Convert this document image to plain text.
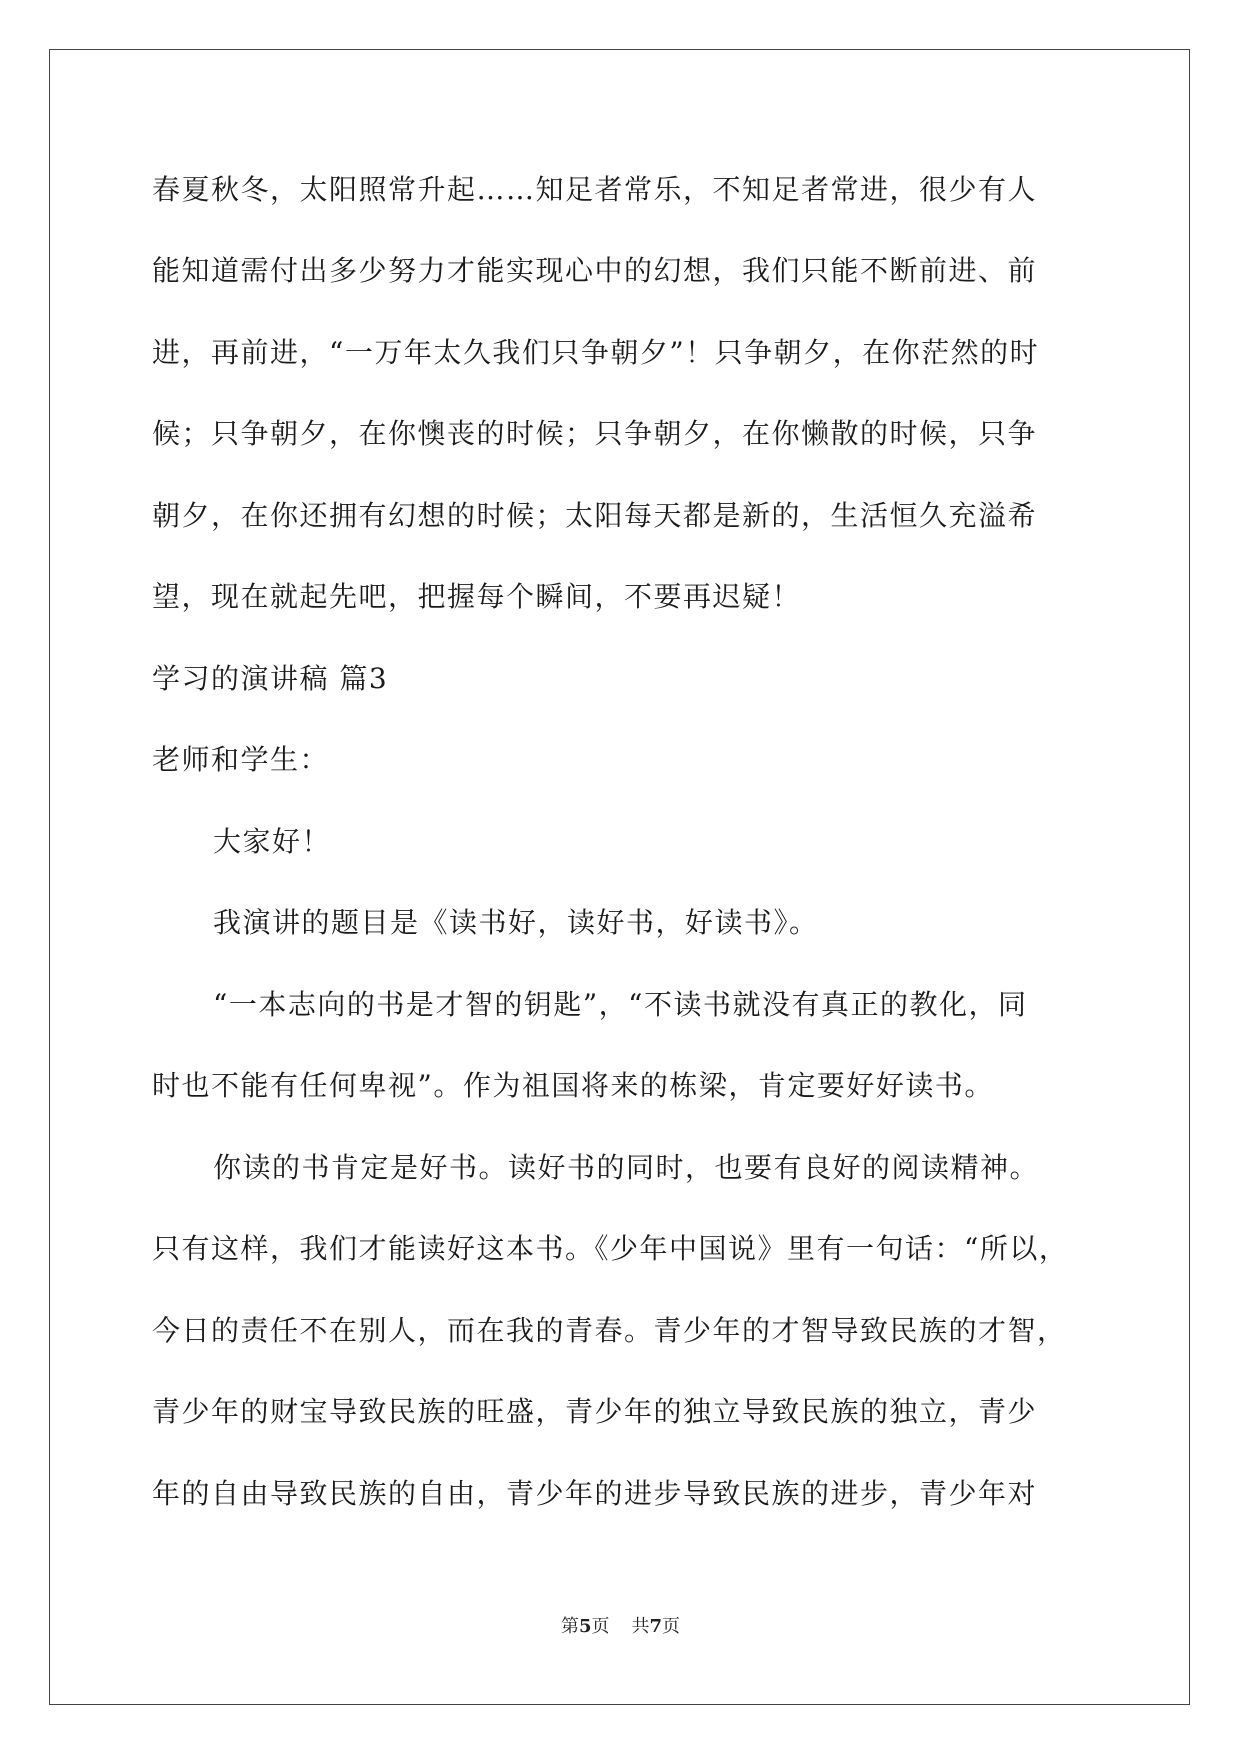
春夏秋冬，太阳照常升起……知足者常乐，不知足者常进，很少有人
能知道需付出多少努力才能实现心中的幻想，我们只能不断前进、前
进，再前进，“一万年太久我们只争朝夕”！只争朝夕，在你茫然的时
候；只争朝夕，在你懊丧的时候；只争朝夕，在你懒散的时候，只争
朝夕，在你还拥有幻想的时候；太阳每天都是新的，生活恒久充溢希
望，现在就起先吧，把握每个瞬间，不要再迟疑！
学习的演讲稿 篇3
老师和学生：
大家好！
我演讲的题目是《读书好，读好书，好读书》。
“一本志向的书是才智的钥匙”，“不读书就没有真正的教化，同
时也不能有任何卑视”。作为祖国将来的栋梁，肯定要好好读书。
你读的书肯定是好书。读好书的同时，也要有良好的阅读精神。
只有这样，我们才能读好这本书。《少年中国说》里有一句话：“所以，
今日的责任不在别人，而在我的青春。青少年的才智导致民族的才智，
青少年的财宝导致民族的旺盛，青少年的独立导致民族的独立，青少
年的自由导致民族的自由，青少年的进步导致民族的进步，青少年对
第5页 共7页
